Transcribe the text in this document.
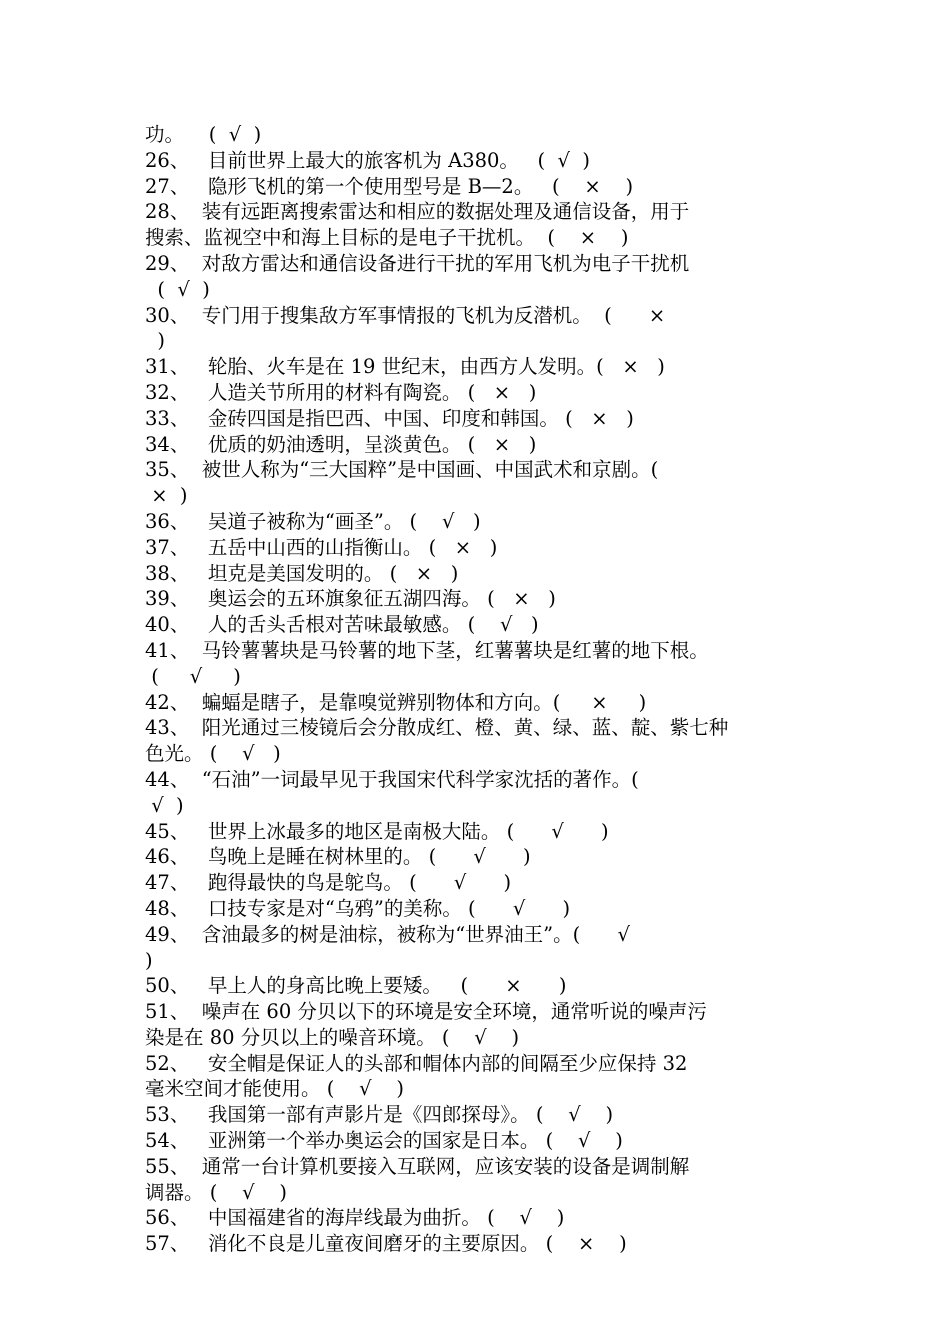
功。    (  √  )
26、   目前世界上最大的旅客机为 A380。   (  √  )
27、   隐形飞机的第一个使用型号是 B—2。   (    ×    )
28、  装有远距离搜索雷达和相应的数据处理及通信设备，用于
搜索、监视空中和海上目标的是电子干扰机。  (    ×    )
29、  对敌方雷达和通信设备进行干扰的军用飞机为电子干扰机
(  √  )
30、  专门用于搜集敌方军事情报的飞机为反潜机。  (      ×
)
31、   轮胎、火车是在 19 世纪末，由西方人发明。(   ×   )
32、   人造关节所用的材料有陶瓷。 (   ×   )
33、   金砖四国是指巴西、中国、印度和韩国。 (   ×   )
34、   优质的奶油透明，呈淡黄色。 (   ×   )
35、  被世人称为“三大国粹”是中国画、中国武术和京剧。(
×  )
36、   吴道子被称为“画圣”。 (    √   )
37、   五岳中山西的山指衡山。 (   ×   )
38、   坦克是美国发明的。 (   ×   )
39、   奥运会的五环旗象征五湖四海。 (   ×   )
40、   人的舌头舌根对苦味最敏感。 (    √   )
41、  马铃薯薯块是马铃薯的地下茎，红薯薯块是红薯的地下根。
(     √     )
42、  蝙蝠是瞎子，是靠嗅觉辨别物体和方向。(     ×     )
43、  阳光通过三棱镜后会分散成红、橙、黄、绿、蓝、靛、紫七种
色光。 (    √   )
44、  “石油”一词最早见于我国宋代科学家沈括的著作。(
√  )
45、   世界上冰最多的地区是南极大陆。 (      √      )
46、   鸟晚上是睡在树林里的。 (      √      )
47、   跑得最快的鸟是鸵鸟。 (      √      )
48、   口技专家是对“乌鸦”的美称。 (      √      )
49、  含油最多的树是油棕，被称为“世界油王”。(      √
)
50、   早上人的身高比晚上要矮。   (      ×      )
51、  噪声在 60 分贝以下的环境是安全环境，通常听说的噪声污
染是在 80 分贝以上的噪音环境。 (    √    )
52、   安全帽是保证人的头部和帽体内部的间隔至少应保持 32
毫米空间才能使用。 (    √    )
53、   我国第一部有声影片是《四郎探母》。 (    √    )
54、   亚洲第一个举办奥运会的国家是日本。 (    √    )
55、  通常一台计算机要接入互联网，应该安装的设备是调制解
调器。 (    √    )
56、   中国福建省的海岸线最为曲折。 (    √    )
57、   消化不良是儿童夜间磨牙的主要原因。 (    ×    )
